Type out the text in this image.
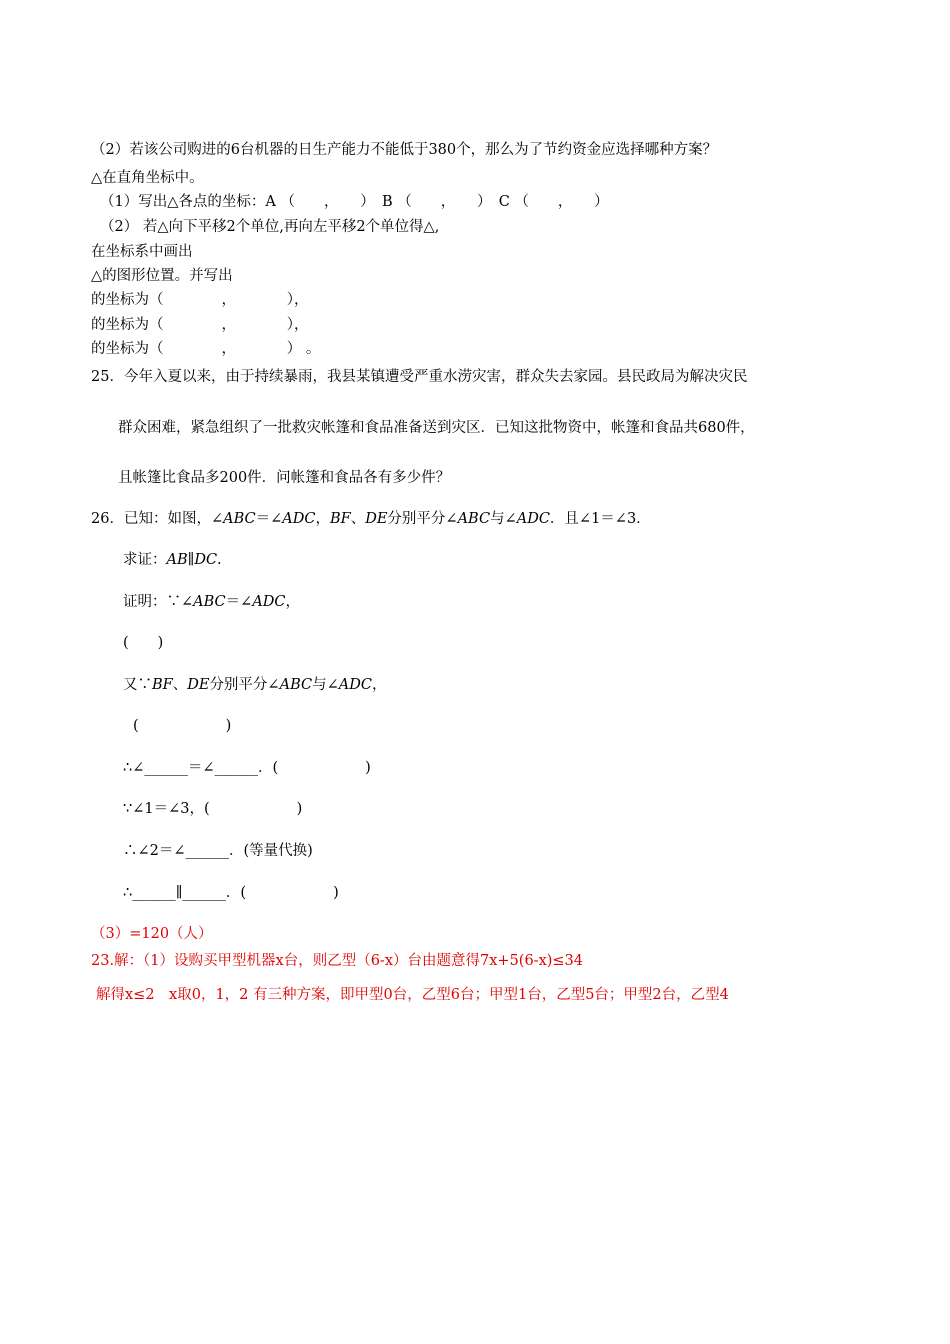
（2）若该公司购进的6台机器的日生产能力不能低于380个，那么为了节约资金应选择哪种方案？
△在直角坐标中。
（1）写出△各点的坐标：A （　　，　　）　B （　　，　　）　C （　　，　　）
（2） 若△向下平移2个单位,再向左平移2个单位得△,
在坐标系中画出
△的图形位置。并写出
的坐标为（　　　　，　　　　），
的坐标为（　　　　，　　　　），
的坐标为（　　　　，　　　　） 。
25．今年入夏以来，由于持续暴雨，我县某镇遭受严重水涝灾害，群众失去家园。县民政局为解决灾民
群众困难，紧急组织了一批救灾帐篷和食品准备送到灾区．已知这批物资中，帐篷和食品共680件，
且帐篷比食品多200件．问帐篷和食品各有多少件？
26．已知：如图，∠ABC＝∠ADC，BF、DE分别平分∠ABC与∠ADC．且∠1＝∠3．
求证：AB∥DC.
证明：∵∠ABC＝∠ADC，
(　　)
又∵BF、DE分别平分∠ABC与∠ADC，
(　　　　　　)
∴∠______＝∠______．(　　　　　　)
∵∠1＝∠3，(　　　　　　)
∴∠2＝∠______．(等量代换)
∴______∥______．(　　　　　　)
（3）=120（人）
23.解：（1）设购买甲型机器x台，则乙型（6-x）台由题意得7x+5(6-x)≤34
解得x≤2　x取0，1，2 有三种方案，即甲型0台，乙型6台；甲型1台，乙型5台；甲型2台，乙型4
